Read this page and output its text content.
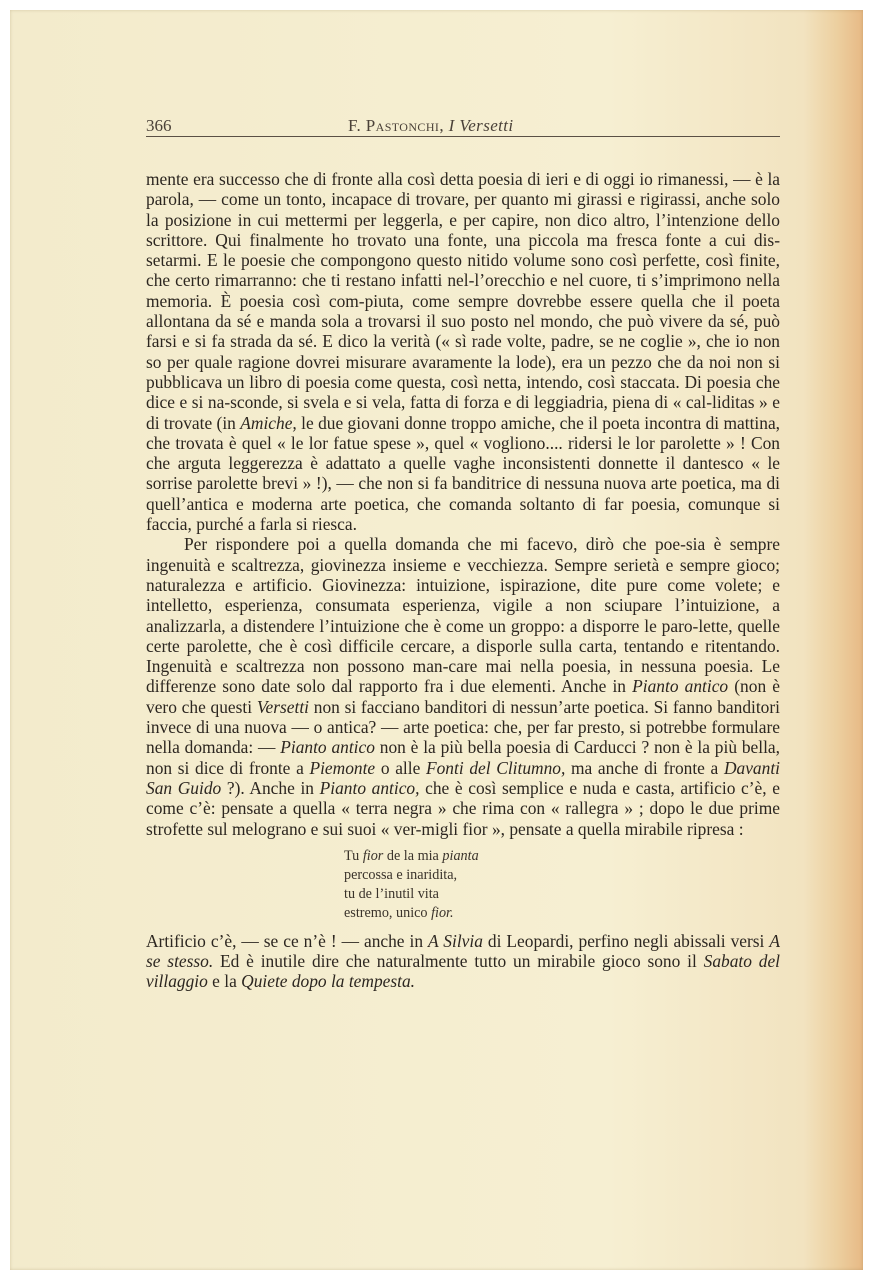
366	F. Pastonchi, I Versetti

mente era successo che di fronte alla così detta poesia di ieri e di oggi io rimanessi, — è la parola, — come un tonto, incapace di trovare, per quanto mi girassi e rigirassi, anche solo la posizione in cui mettermi per leggerla, e per capire, non dico altro, l’intenzione dello scrittore. Qui finalmente ho trovato una fonte, una piccola ma fresca fonte a cui dis-setarmi. E le poesie che compongono questo nitido volume sono così perfette, così finite, che certo rimarranno: che ti restano infatti nel-l’orecchio e nel cuore, ti s’imprimono nella memoria. È poesia così com-piuta, come sempre dovrebbe essere quella che il poeta allontana da sé e manda sola a trovarsi il suo posto nel mondo, che può vivere da sé, può farsi e si fa strada da sé. E dico la verità (« sì rade volte, padre, se ne coglie », che io non so per quale ragione dovrei misurare avaramente la lode), era un pezzo che da noi non si pubblicava un libro di poesia come questa, così netta, intendo, così staccata. Di poesia che dice e si na-sconde, si svela e si vela, fatta di forza e di leggiadria, piena di « cal-liditas » e di trovate (in Amiche, le due giovani donne troppo amiche, che il poeta incontra di mattina, che trovata è quel « le lor fatue spese », quel « vogliono.... ridersi le lor parolette » ! Con che arguta leggerezza è adattato a quelle vaghe inconsistenti donnette il dantesco « le sorrise parolette brevi » !), — che non si fa banditrice di nessuna nuova arte poetica, ma di quell’antica e moderna arte poetica, che comanda soltanto di far poesia, comunque si faccia, purché a farla si riesca.

Per rispondere poi a quella domanda che mi facevo, dirò che poe-sia è sempre ingenuità e scaltrezza, giovinezza insieme e vecchiezza. Sempre serietà e sempre gioco; naturalezza e artificio. Giovinezza: intuizione, ispirazione, dite pure come volete; e intelletto, esperienza, consumata esperienza, vigile a non sciupare l’intuizione, a analizzarla, a distendere l’intuizione che è come un groppo: a disporre le paro-lette, quelle certe parolette, che è così difficile cercare, a disporle sulla carta, tentando e ritentando. Ingenuità e scaltrezza non possono man-care mai nella poesia, in nessuna poesia. Le differenze sono date solo dal rapporto fra i due elementi. Anche in Pianto antico (non è vero che questi Versetti non si facciano banditori di nessun’arte poetica. Si fanno banditori invece di una nuova — o antica? — arte poetica: che, per far presto, si potrebbe formulare nella domanda: — Pianto antico non è la più bella poesia di Carducci ? non è la più bella, non si dice di fronte a Piemonte o alle Fonti del Clitumno, ma anche di fronte a Davanti San Guido ?). Anche in Pianto antico, che è così semplice e nuda e casta, artificio c’è, e come c’è: pensate a quella « terra negra » che rima con « rallegra » ; dopo le due prime strofette sul melograno e sui suoi « ver-migli fior », pensate a quella mirabile ripresa :

Tu fior de la mia pianta
percossa e inaridita,
tu de l’inutil vita
estremo, unico fior.

Artificio c’è, — se ce n’è ! — anche in A Silvia di Leopardi, perfino negli abissali versi A se stesso. Ed è inutile dire che naturalmente tutto un mirabile gioco sono il Sabato del villaggio e la Quiete dopo la tempesta.
